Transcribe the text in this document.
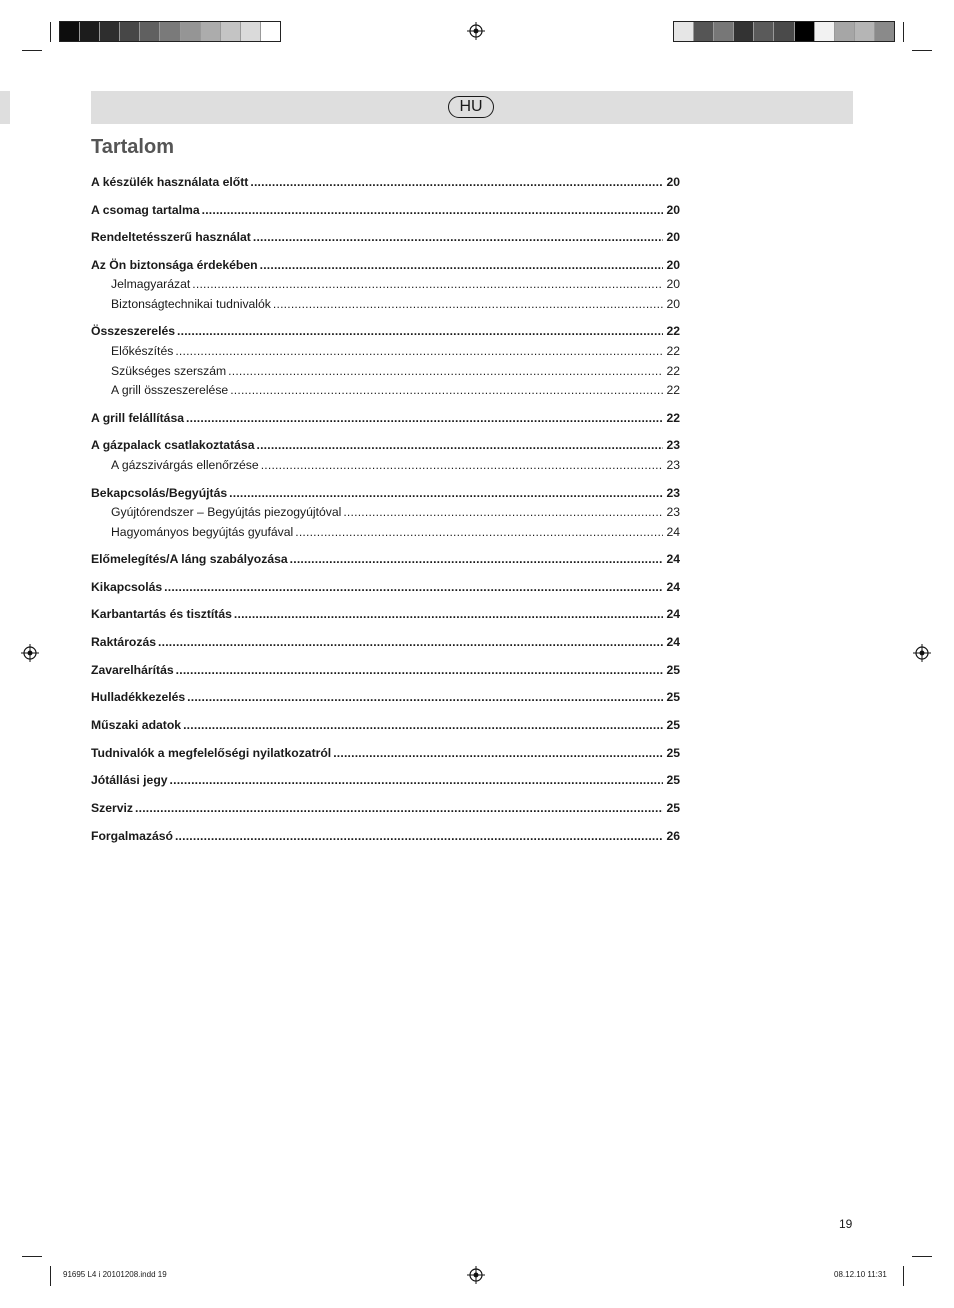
HU
Tartalom
A készülék használata előtt .....	20
A csomag tartalma .....	20
Rendeltetésszerű használat .....	20
Az Ön biztonsága érdekében .....	20
Jelmagyarázat .....	20
Biztonságtechnikai tudnivalók .....	20
Összeszerelés .....	22
Előkészítés .....	22
Szükséges szerszám .....	22
A grill összeszerelése .....	22
A grill felállítása .....	22
A gázpalack csatlakoztatása .....	23
A gázszivárgás ellenőrzése .....	23
Bekapcsolás/Begyújtás .....	23
Gyújtórendszer – Begyújtás piezogyújtóval .....	23
Hagyományos begyújtás gyufával .....	24
Előmelegítés/A láng szabályozása .....	24
Kikapcsolás .....	24
Karbantartás és tisztítás .....	24
Raktározás .....	24
Zavarelhárítás .....	25
Hulladékkezelés .....	25
Műszaki adatok .....	25
Tudnivalók a megfelelőségi nyilatkozatról .....	25
Jótállási jegy .....	25
Szerviz .....	25
Forgalmazásó .....	26
19
91695 L4 i 20101208.indd 19	08.12.10 11:31
